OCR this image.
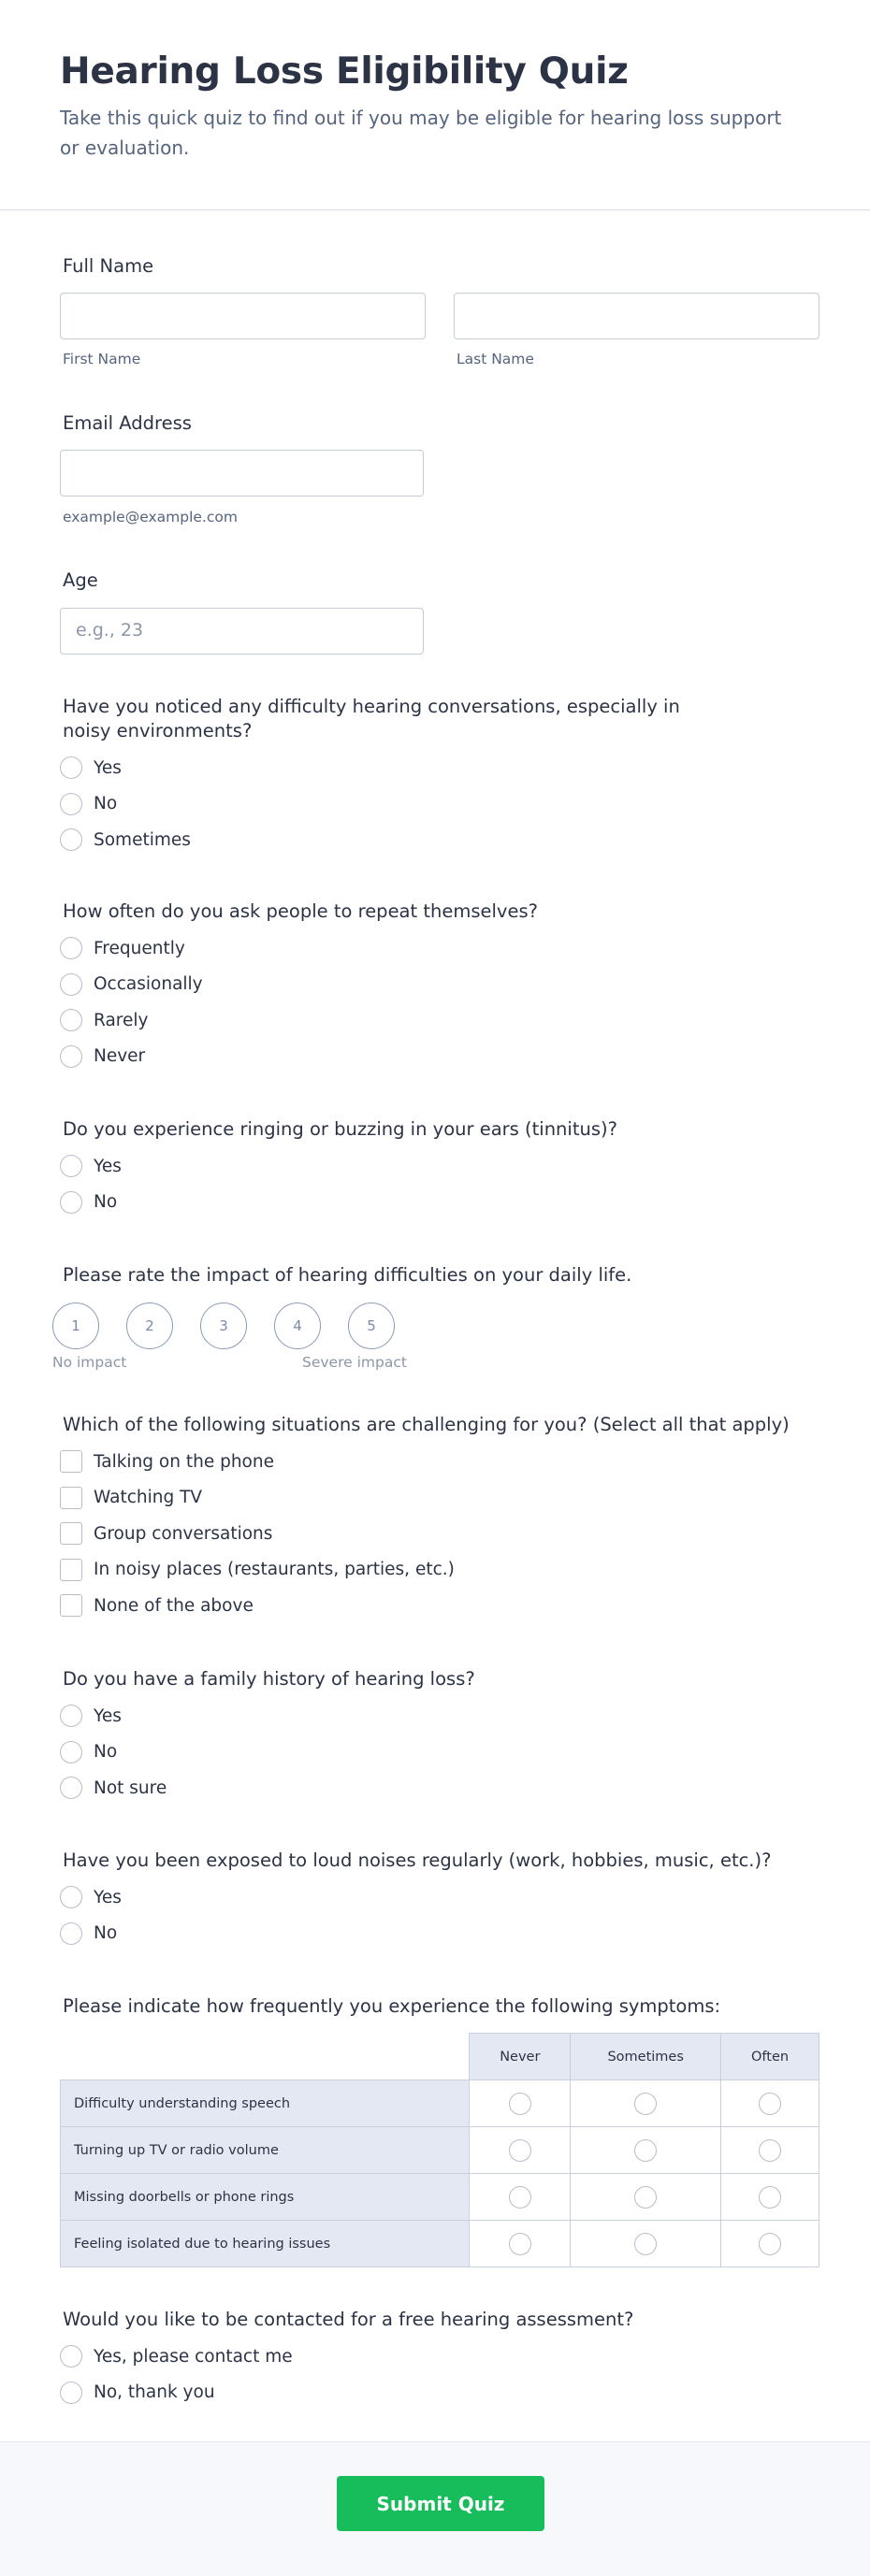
Hearing Loss Eligibility Quiz

Take this quick quiz to find out if you may be eligible for hearing loss support or evaluation.

Full Name
First Name	Last Name
Email Address
example@example.com
Age
e.g., 23
Have you noticed any difficulty hearing conversations, especially in noisy environments?
Yes
No
Sometimes
How often do you ask people to repeat themselves?
Frequently
Occasionally
Rarely
Never
Do you experience ringing or buzzing in your ears (tinnitus)?
Yes
No
Please rate the impact of hearing difficulties on your daily life.
1	2	3	4	5
No impact	Severe impact
Which of the following situations are challenging for you? (Select all that apply)
Talking on the phone
Watching TV
Group conversations
In noisy places (restaurants, parties, etc.)
None of the above
Do you have a family history of hearing loss?
Yes
No
Not sure
Have you been exposed to loud noises regularly (work, hobbies, music, etc.)?
Yes
No
Please indicate how frequently you experience the following symptoms:
	Never	Sometimes	Often
Difficulty understanding speech			
Turning up TV or radio volume			
Missing doorbells or phone rings			
Feeling isolated due to hearing issues			
Would you like to be contacted for a free hearing assessment?
Yes, please contact me
No, thank you
Submit Quiz
